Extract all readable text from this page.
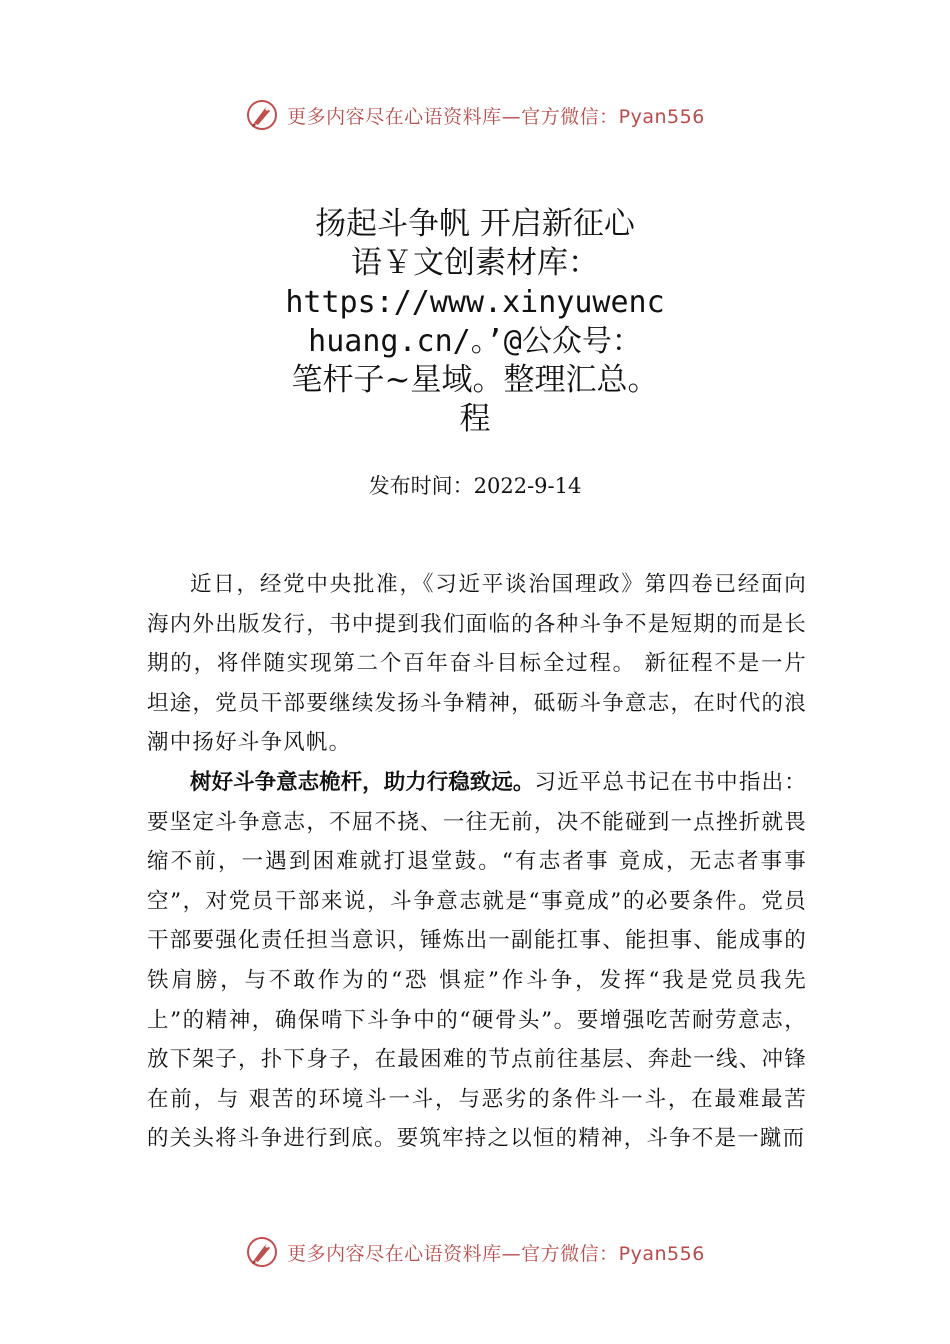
更多内容尽在心语资料库—官方微信：Pyan556
扬起斗争帆 开启新征心
语￥文创素材库：
https://www.xinyuwenc
huang.cn/。’@公众号：
笔杆子~星域。整理汇总。
程
发布时间：2022-9-14

近日，经党中央批准，《习近平谈治国理政》第四卷已经面向海内外出版发行，书中提到我们面临的各种斗争不是短期的而是长期的，将伴随实现第二个百年奋斗目标全过程。 新征程不是一片坦途，党员干部要继续发扬斗争精神，砥砺斗争意志，在时代的浪潮中扬好斗争风帆。

树好斗争意志桅杆，助力行稳致远。习近平总书记在书中指出：要坚定斗争意志，不屈不挠、一往无前，决不能碰到一点挫折就畏缩不前，一遇到困难就打退堂鼓。“有志者事 竟成，无志者事事空”，对党员干部来说，斗争意志就是“事竟成”的必要条件。党员干部要强化责任担当意识，锤炼出一副能扛事、能担事、能成事的铁肩膀，与不敢作为的“恐 惧症”作斗争，发挥“我是党员我先上”的精神，确保啃下斗争中的“硬骨头”。要增强吃苦耐劳意志，放下架子，扑下身子，在最困难的节点前往基层、奔赴一线、冲锋在前，与 艰苦的环境斗一斗，与恶劣的条件斗一斗，在最难最苦的关头将斗争进行到底。要筑牢持之以恒的精神，斗争不是一蹴而

更多内容尽在心语资料库—官方微信：Pyan556
